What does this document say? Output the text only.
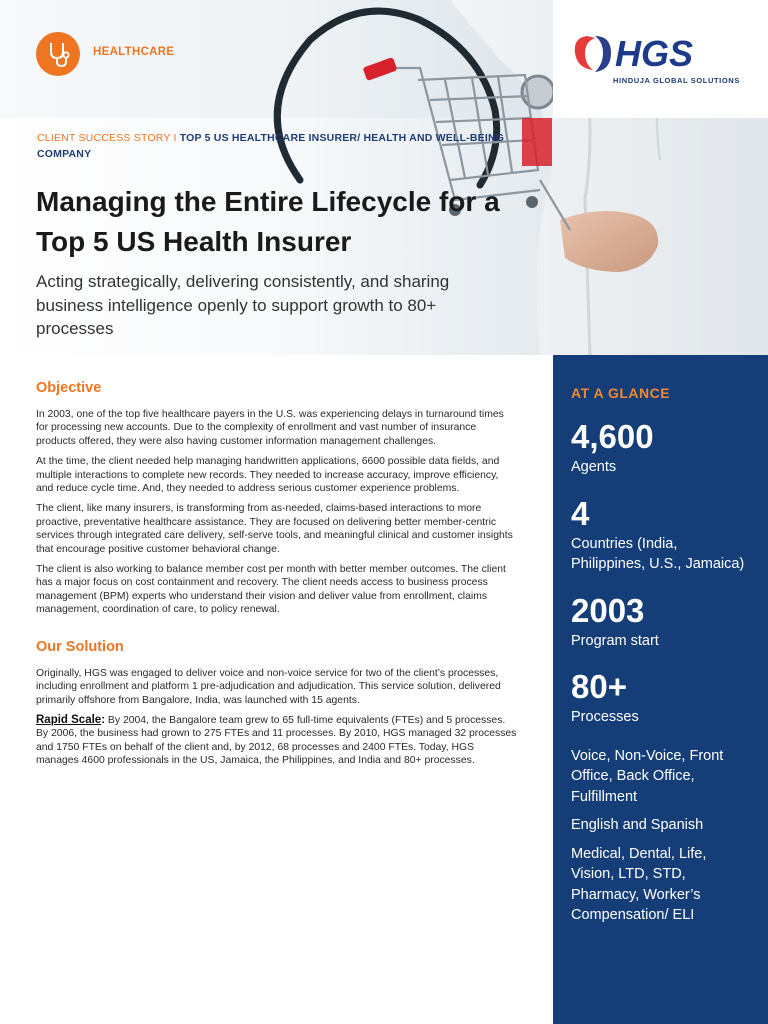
HGS
HINDUJA GLOBAL SOLUTIONS
HEALTHCARE
CLIENT SUCCESS STORY I TOP 5 US HEALTHCARE INSURER/ HEALTH AND WELL-BEING COMPANY
Managing the Entire Lifecycle for a Top 5 US Health Insurer
Acting strategically, delivering consistently, and sharing business intelligence openly to support growth to 80+ processes
Objective

In 2003, one of the top five healthcare payers in the U.S. was experiencing delays in turnaround times for processing new accounts. Due to the complexity of enrollment and vast number of insurance products offered, they were also having customer information management challenges.

At the time, the client needed help managing handwritten applications, 6600 possible data fields, and multiple interactions to complete new records. They needed to increase accuracy, improve efficiency, and reduce cycle time. And, they needed to address serious customer experience problems.

The client, like many insurers, is transforming from as-needed, claims-based interactions to more proactive, preventative healthcare assistance. They are focused on delivering better member-centric services through integrated care delivery, self-serve tools, and meaningful clinical and customer insights that encourage positive customer behavioral change.

The client is also working to balance member cost per month with better member outcomes. The client has a major focus on cost containment and recovery. The client needs access to business process management (BPM) experts who understand their vision and deliver value from enrollment, claims management, coordination of care, to policy renewal.

Our Solution

Originally, HGS was engaged to deliver voice and non-voice service for two of the client’s processes, including enrollment and platform 1 pre-adjudication and adjudication. This service solution, delivered primarily offshore from Bangalore, India, was launched with 15 agents.

Rapid Scale: By 2004, the Bangalore team grew to 65 full-time equivalents (FTEs) and 5 processes. By 2006, the business had grown to 275 FTEs and 11 processes. By 2010, HGS managed 32 processes and 1750 FTEs on behalf of the client and, by 2012, 68 processes and 2400 FTEs. Today, HGS manages 4600 professionals in the US, Jamaica, the Philippines, and India and 80+ processes.

AT A GLANCE
4,600
Agents
4
Countries (India, Philippines, U.S., Jamaica)
2003
Program start
80+
Processes
Voice, Non-Voice, Front Office, Back Office, Fulfillment
English and Spanish
Medical, Dental, Life, Vision, LTD, STD, Pharmacy, Worker’s Compensation/ ELI
